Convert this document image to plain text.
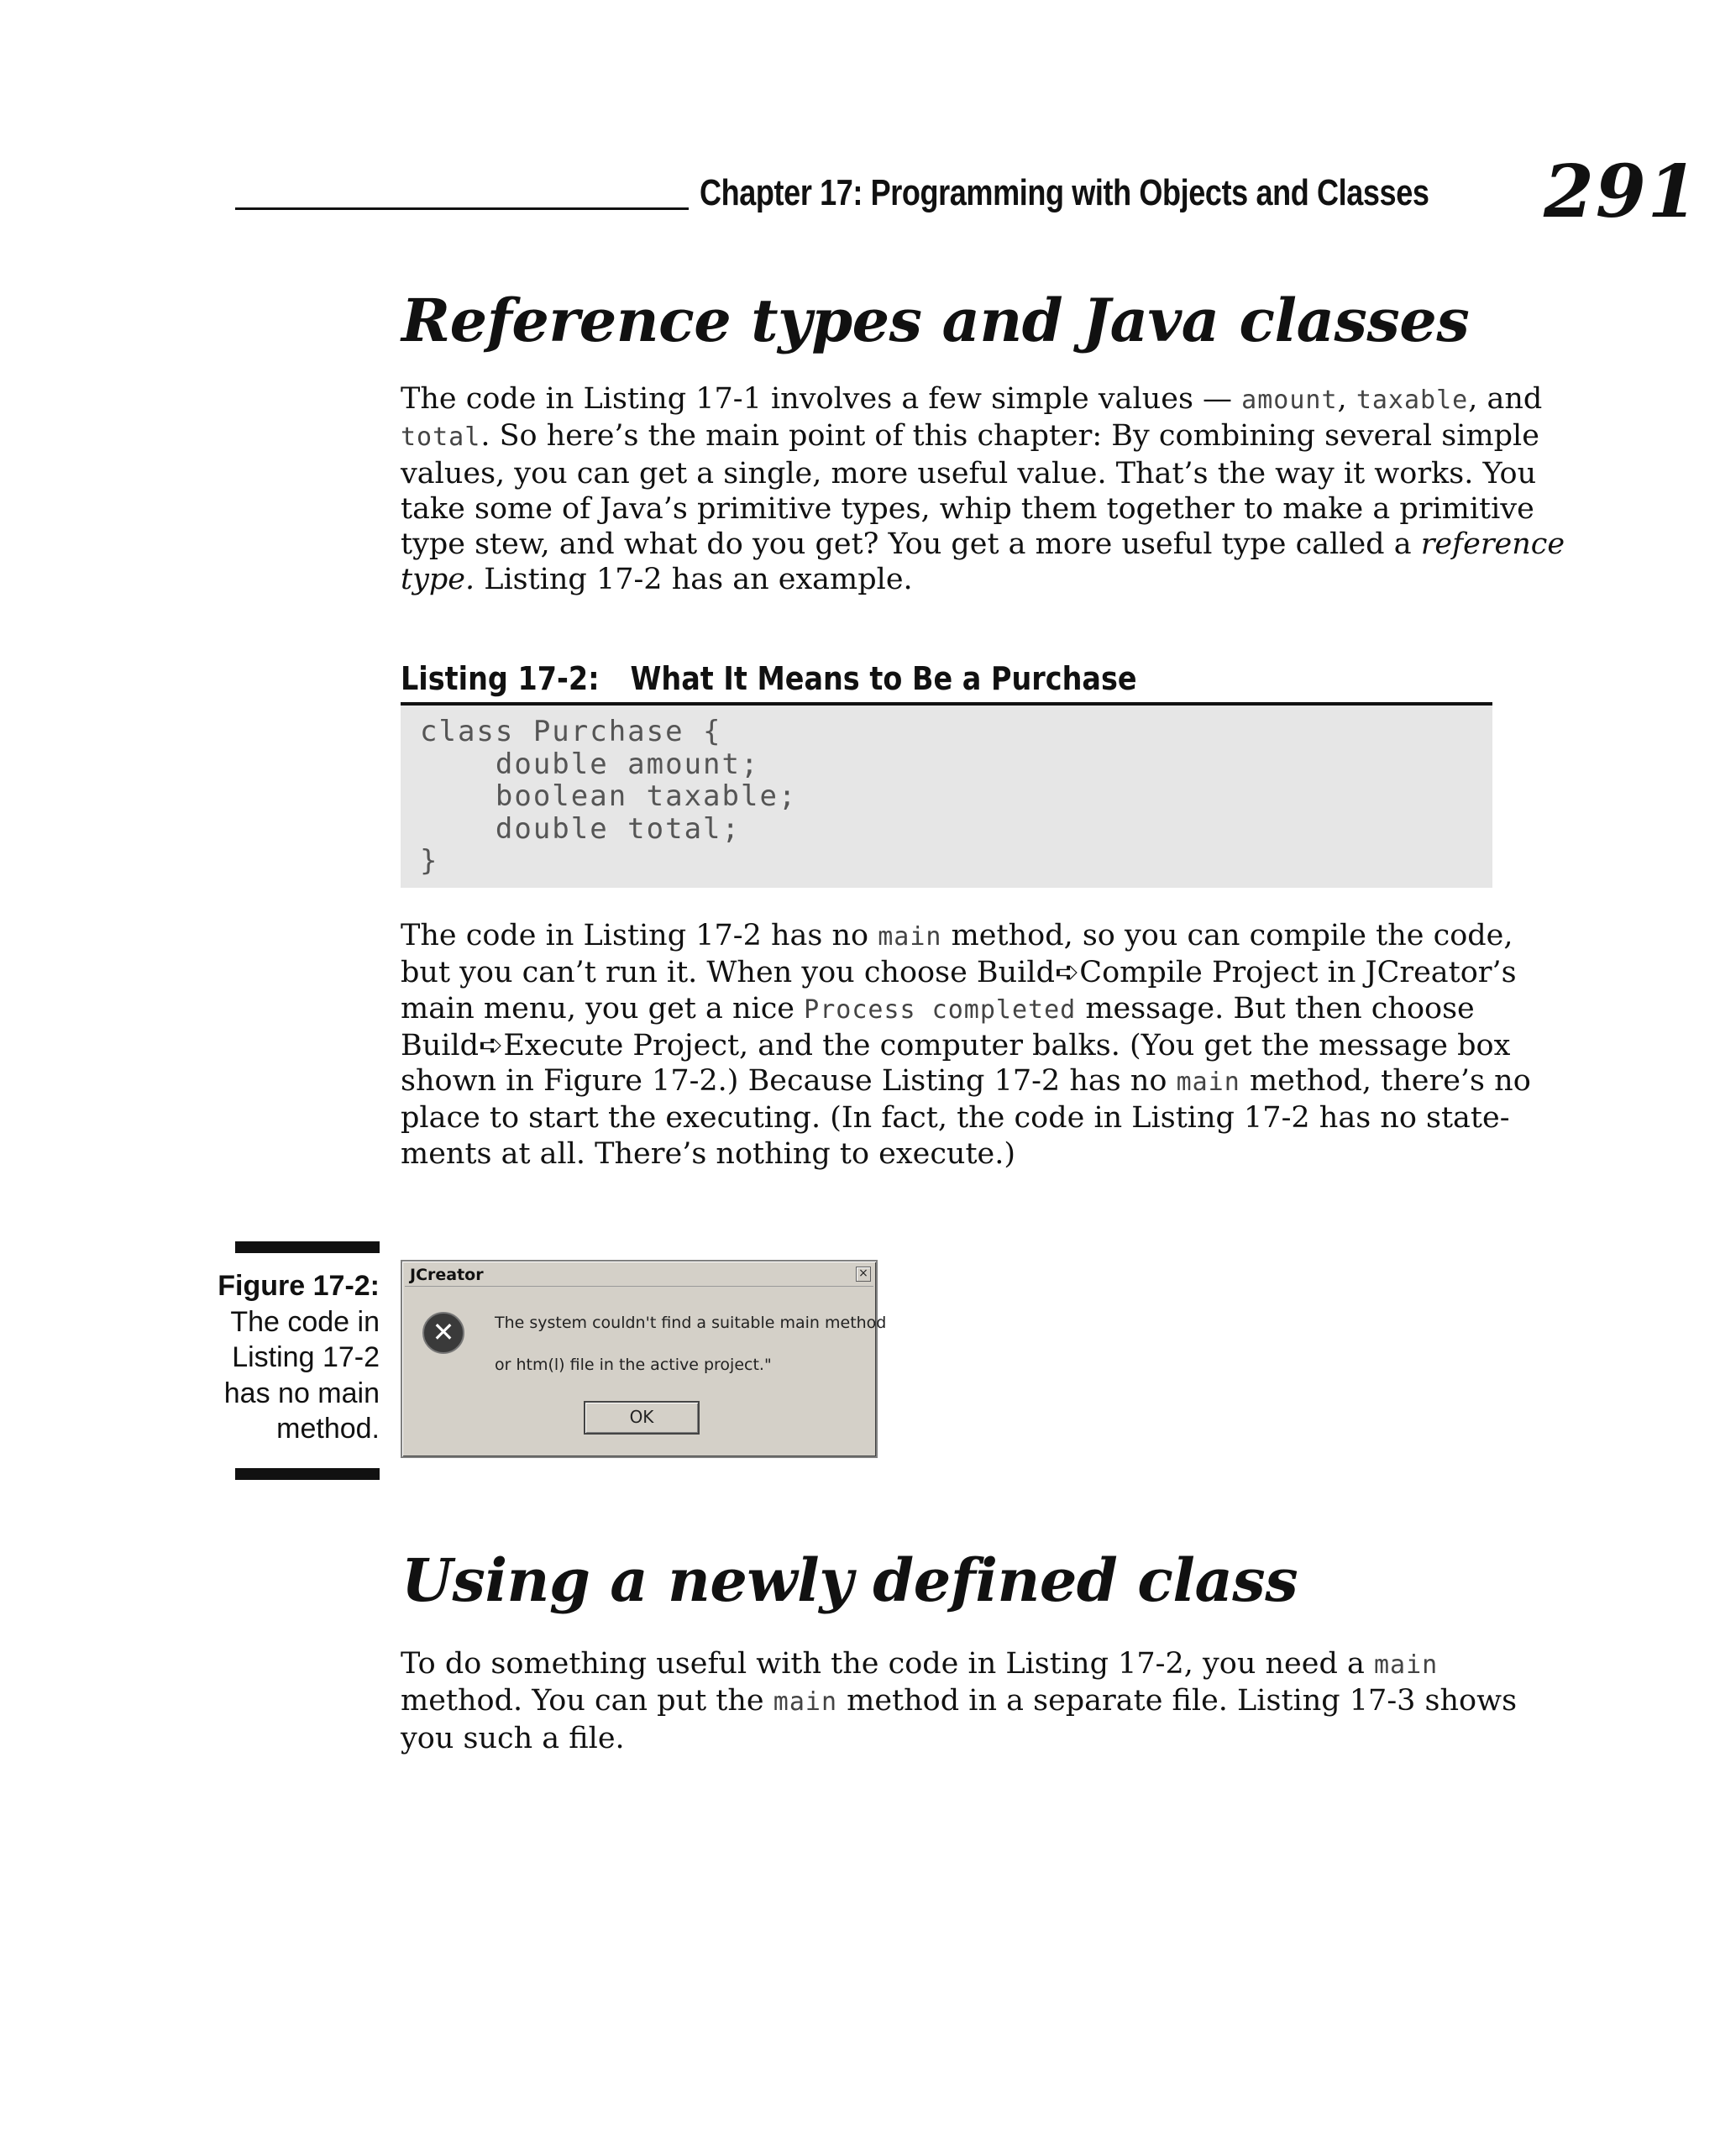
Chapter 17: Programming with Objects and Classes 291
Reference types and Java classes
The code in Listing 17-1 involves a few simple values — amount, taxable, and
total. So here’s the main point of this chapter: By combining several simple
values, you can get a single, more useful value. That’s the way it works. You
take some of Java’s primitive types, whip them together to make a primitive
type stew, and what do you get? You get a more useful type called a reference
type. Listing 17-2 has an example.
Listing 17-2: What It Means to Be a Purchase
class Purchase {
double amount;
boolean taxable;
double total;
}
The code in Listing 17-2 has no main method, so you can compile the code,
but you can’t run it. When you choose Build➪Compile Project in JCreator’s
main menu, you get a nice Process completed message. But then choose
Build➪Execute Project, and the computer balks. (You get the message box
shown in Figure 17-2.) Because Listing 17-2 has no main method, there’s no
place to start the executing. (In fact, the code in Listing 17-2 has no state-
ments at all. There’s nothing to execute.)
Figure 17-2:
The code in
Listing 17-2
has no main
method.
JCreator	×
✕	The system couldn't find a suitable main method
or htm(l) file in the active project."
OK
Using a newly defined class
To do something useful with the code in Listing 17-2, you need a main
method. You can put the main method in a separate file. Listing 17-3 shows
you such a file.
